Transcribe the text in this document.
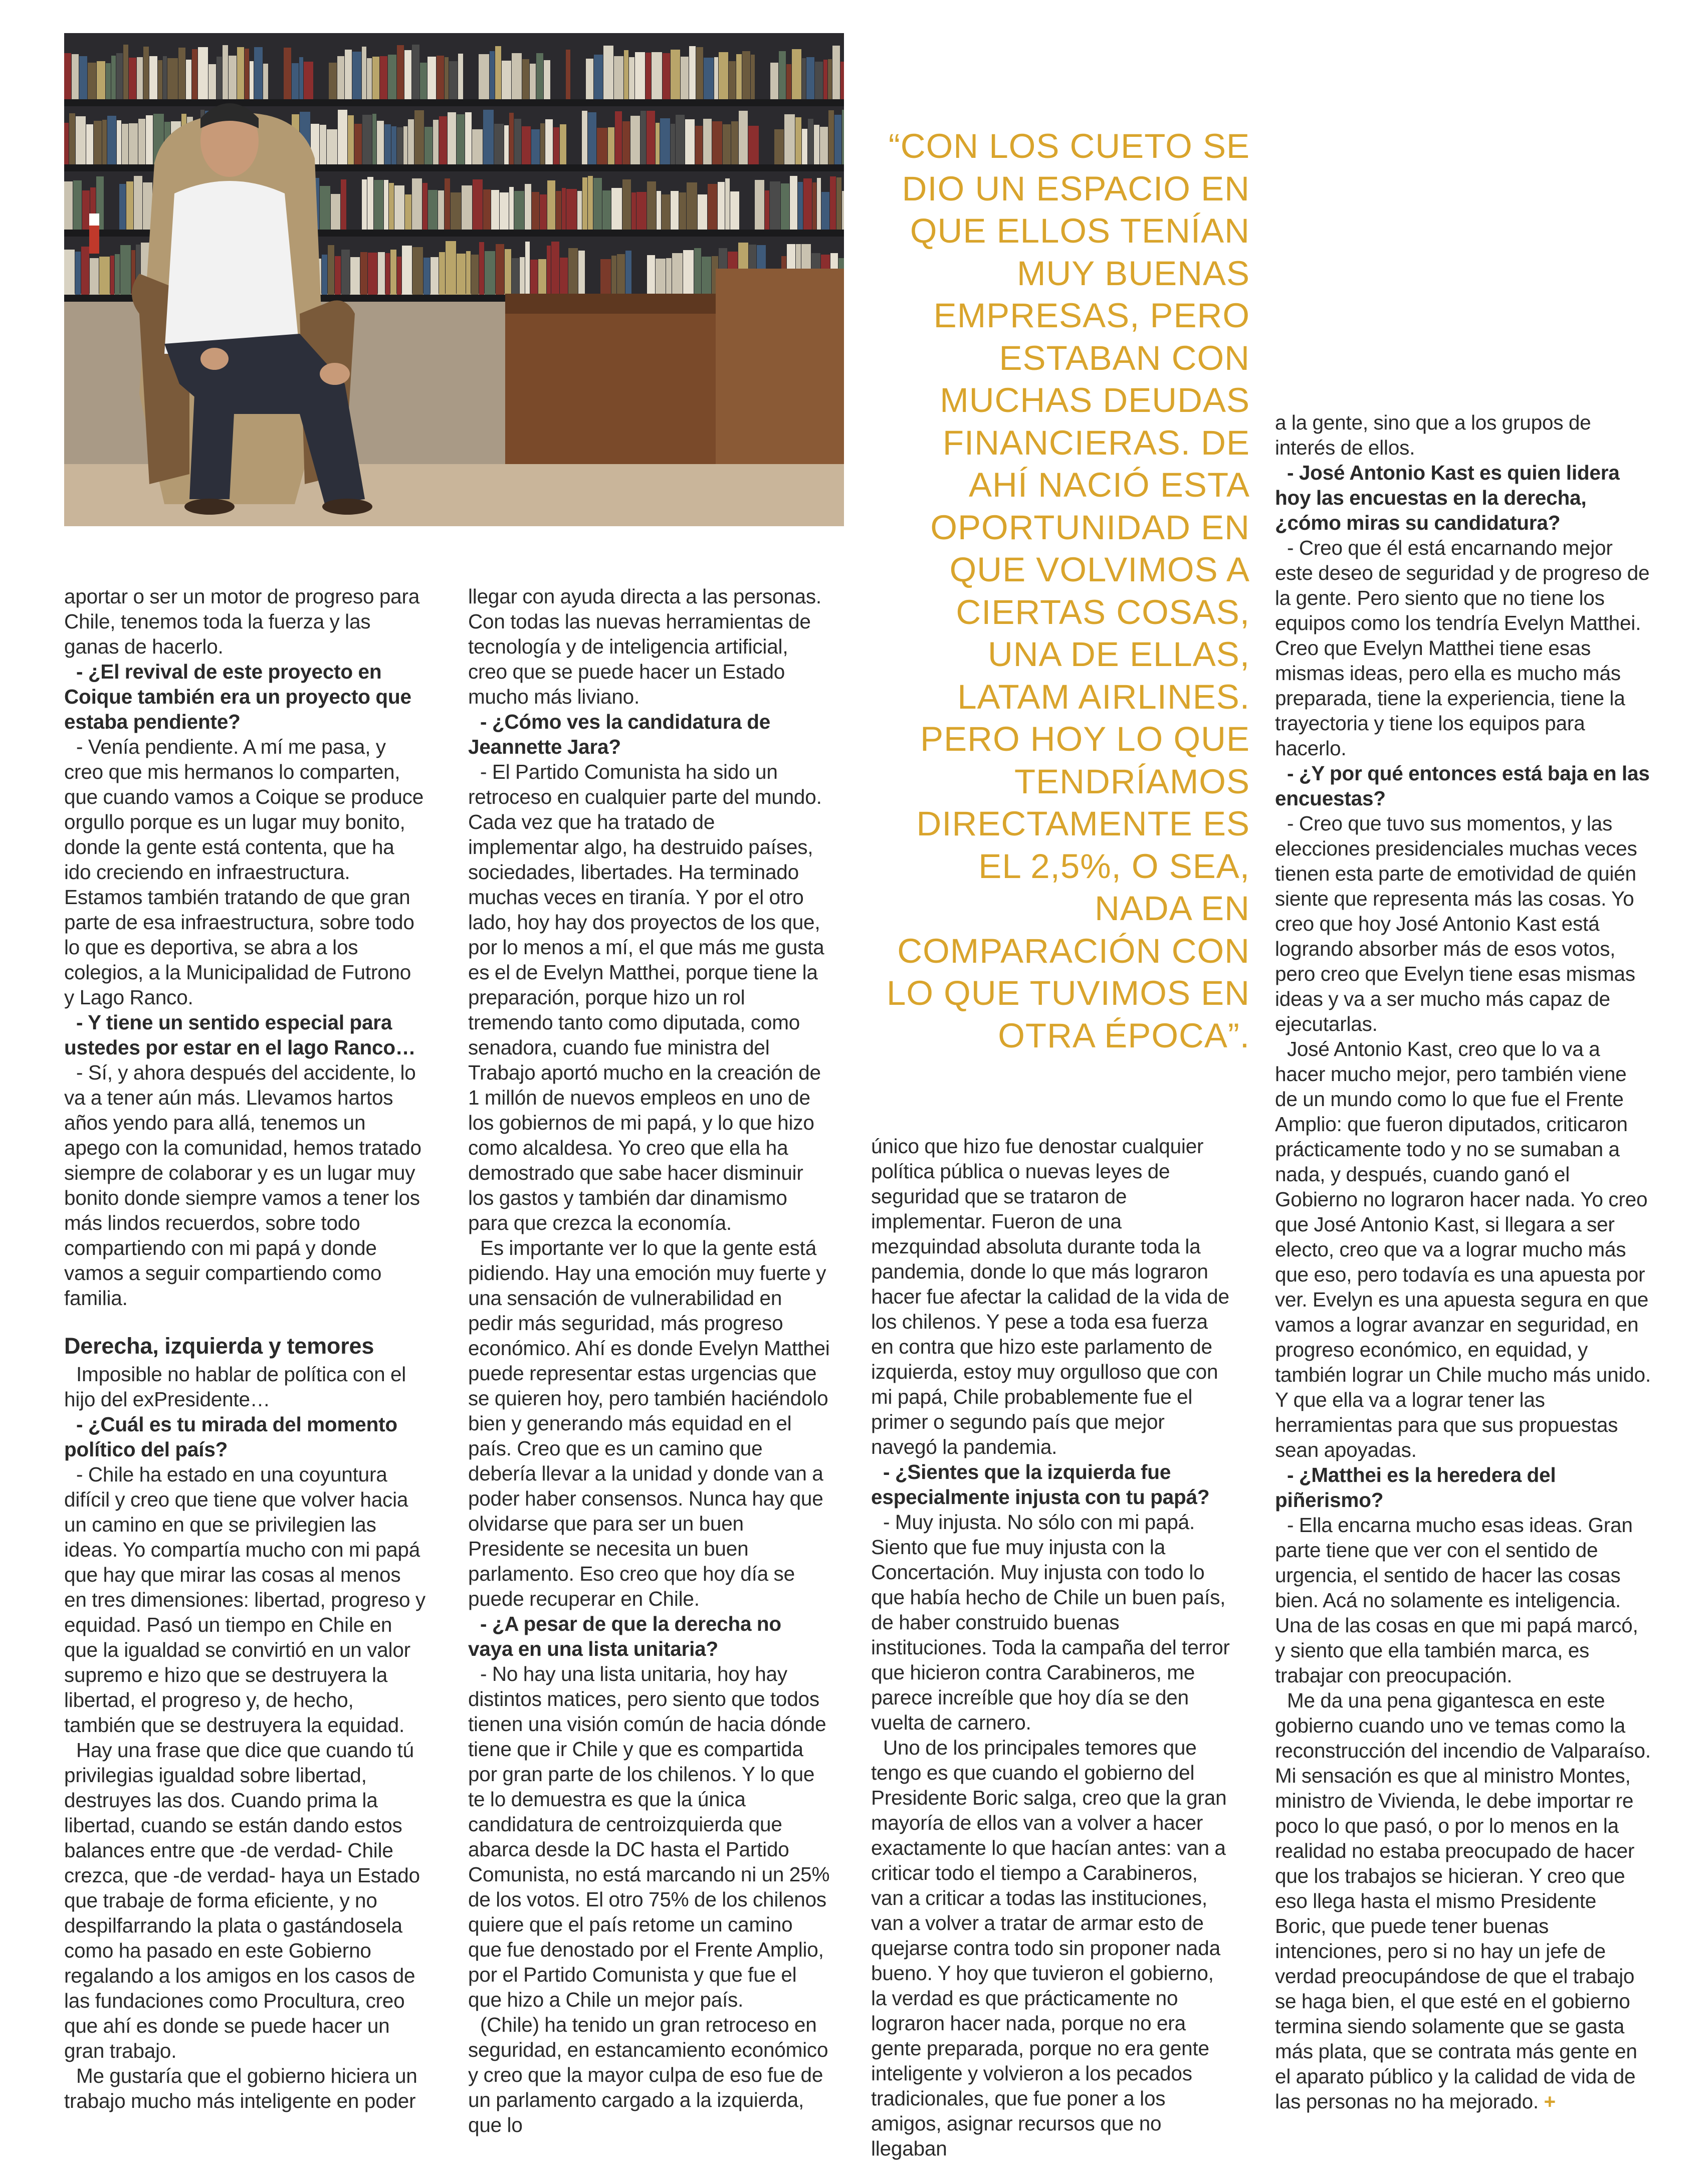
“CON LOS CUETO SE DIO UN ESPACIO EN QUE ELLOS TENÍAN MUY BUENAS EMPRESAS, PERO ESTABAN CON MUCHAS DEUDAS FINANCIERAS. DE AHÍ NACIÓ ESTA OPORTUNIDAD EN QUE VOLVIMOS A CIERTAS COSAS, UNA DE ELLAS, LATAM AIRLINES. PERO HOY LO QUE TENDRÍAMOS DIRECTAMENTE ES EL 2,5%, O SEA, NADA EN COMPARACIÓN CON LO QUE TUVIMOS EN OTRA ÉPOCA”.

aportar o ser un motor de progreso para Chile, tenemos toda la fuerza y las ganas de hacerlo.

- ¿El revival de este proyecto en Coique también era un proyecto que estaba pendiente?

- Venía pendiente. A mí me pasa, y creo que mis hermanos lo comparten, que cuando vamos a Coique se produce orgullo porque es un lugar muy bonito, donde la gente está contenta, que ha ido creciendo en infraestructura. Estamos también tratando de que gran parte de esa infraestructura, sobre todo lo que es deportiva, se abra a los colegios, a la Municipalidad de Futrono y Lago Ranco.

- Y tiene un sentido especial para ustedes por estar en el lago Ranco…

- Sí, y ahora después del accidente, lo va a tener aún más. Llevamos hartos años yendo para allá, tenemos un apego con la comunidad, hemos tratado siempre de colaborar y es un lugar muy bonito donde siempre vamos a tener los más lindos recuerdos, sobre todo compartiendo con mi papá y donde vamos a seguir compartiendo como familia.

Derecha, izquierda y temores

Imposible no hablar de política con el hijo del exPresidente…

- ¿Cuál es tu mirada del momento político del país?

- Chile ha estado en una coyuntura difícil y creo que tiene que volver hacia un camino en que se privilegien las ideas. Yo compartía mucho con mi papá que hay que mirar las cosas al menos en tres dimensiones: libertad, progreso y equidad. Pasó un tiempo en Chile en que la igualdad se convirtió en un valor supremo e hizo que se destruyera la libertad, el progreso y, de hecho, también que se destruyera la equidad.

Hay una frase que dice que cuando tú privilegias igualdad sobre libertad, destruyes las dos. Cuando prima la libertad, cuando se están dando estos balances entre que -de verdad- Chile crezca, que -de verdad- haya un Estado que trabaje de forma eficiente, y no despilfarrando la plata o gastándosela como ha pasado en este Gobierno regalando a los amigos en los casos de las fundaciones como Procultura, creo que ahí es donde se puede hacer un gran trabajo.

Me gustaría que el gobierno hiciera un trabajo mucho más inteligente en poder

llegar con ayuda directa a las personas. Con todas las nuevas herramientas de tecnología y de inteligencia artificial, creo que se puede hacer un Estado mucho más liviano.

- ¿Cómo ves la candidatura de Jeannette Jara?

- El Partido Comunista ha sido un retroceso en cualquier parte del mundo. Cada vez que ha tratado de implementar algo, ha destruido países, sociedades, libertades. Ha terminado muchas veces en tiranía. Y por el otro lado, hoy hay dos proyectos de los que, por lo menos a mí, el que más me gusta es el de Evelyn Matthei, porque tiene la preparación, porque hizo un rol tremendo tanto como diputada, como senadora, cuando fue ministra del Trabajo aportó mucho en la creación de 1 millón de nuevos empleos en uno de los gobiernos de mi papá, y lo que hizo como alcaldesa. Yo creo que ella ha demostrado que sabe hacer disminuir los gastos y también dar dinamismo para que crezca la economía.

Es importante ver lo que la gente está pidiendo. Hay una emoción muy fuerte y una sensación de vulnerabilidad en pedir más seguridad, más progreso económico. Ahí es donde Evelyn Matthei puede representar estas urgencias que se quieren hoy, pero también haciéndolo bien y generando más equidad en el país. Creo que es un camino que debería llevar a la unidad y donde van a poder haber consensos. Nunca hay que olvidarse que para ser un buen Presidente se necesita un buen parlamento. Eso creo que hoy día se puede recuperar en Chile.

- ¿A pesar de que la derecha no vaya en una lista unitaria?

- No hay una lista unitaria, hoy hay distintos matices, pero siento que todos tienen una visión común de hacia dónde tiene que ir Chile y que es compartida por gran parte de los chilenos. Y lo que te lo demuestra es que la única candidatura de centroizquierda que abarca desde la DC hasta el Partido Comunista, no está marcando ni un 25% de los votos. El otro 75% de los chilenos quiere que el país retome un camino que fue denostado por el Frente Amplio, por el Partido Comunista y que fue el que hizo a Chile un mejor país.

(Chile) ha tenido un gran retroceso en seguridad, en estancamiento económico y creo que la mayor culpa de eso fue de un parlamento cargado a la izquierda, que lo

único que hizo fue denostar cualquier política pública o nuevas leyes de seguridad que se trataron de implementar. Fueron de una mezquindad absoluta durante toda la pandemia, donde lo que más lograron hacer fue afectar la calidad de la vida de los chilenos. Y pese a toda esa fuerza en contra que hizo este parlamento de izquierda, estoy muy orgulloso que con mi papá, Chile probablemente fue el primer o segundo país que mejor navegó la pandemia.

- ¿Sientes que la izquierda fue especialmente injusta con tu papá?

- Muy injusta. No sólo con mi papá. Siento que fue muy injusta con la Concertación. Muy injusta con todo lo que había hecho de Chile un buen país, de haber construido buenas instituciones. Toda la campaña del terror que hicieron contra Carabineros, me parece increíble que hoy día se den vuelta de carnero.

Uno de los principales temores que tengo es que cuando el gobierno del Presidente Boric salga, creo que la gran mayoría de ellos van a volver a hacer exactamente lo que hacían antes: van a criticar todo el tiempo a Carabineros, van a criticar a todas las instituciones, van a volver a tratar de armar esto de quejarse contra todo sin proponer nada bueno. Y hoy que tuvieron el gobierno, la verdad es que prácticamente no lograron hacer nada, porque no era gente preparada, porque no era gente inteligente y volvieron a los pecados tradicionales, que fue poner a los amigos, asignar recursos que no llegaban

a la gente, sino que a los grupos de interés de ellos.

- José Antonio Kast es quien lidera hoy las encuestas en la derecha, ¿cómo miras su candidatura?

- Creo que él está encarnando mejor este deseo de seguridad y de progreso de la gente. Pero siento que no tiene los equipos como los tendría Evelyn Matthei. Creo que Evelyn Matthei tiene esas mismas ideas, pero ella es mucho más preparada, tiene la experiencia, tiene la trayectoria y tiene los equipos para hacerlo.

- ¿Y por qué entonces está baja en las encuestas?

- Creo que tuvo sus momentos, y las elecciones presidenciales muchas veces tienen esta parte de emotividad de quién siente que representa más las cosas. Yo creo que hoy José Antonio Kast está logrando absorber más de esos votos, pero creo que Evelyn tiene esas mismas ideas y va a ser mucho más capaz de ejecutarlas.

José Antonio Kast, creo que lo va a hacer mucho mejor, pero también viene de un mundo como lo que fue el Frente Amplio: que fueron diputados, criticaron prácticamente todo y no se sumaban a nada, y después, cuando ganó el Gobierno no lograron hacer nada. Yo creo que José Antonio Kast, si llegara a ser electo, creo que va a lograr mucho más que eso, pero todavía es una apuesta por ver. Evelyn es una apuesta segura en que vamos a lograr avanzar en seguridad, en progreso económico, en equidad, y también lograr un Chile mucho más unido. Y que ella va a lograr tener las herramientas para que sus propuestas sean apoyadas.

- ¿Matthei es la heredera del piñerismo?

- Ella encarna mucho esas ideas. Gran parte tiene que ver con el sentido de urgencia, el sentido de hacer las cosas bien. Acá no solamente es inteligencia. Una de las cosas en que mi papá marcó, y siento que ella también marca, es trabajar con preocupación.

Me da una pena gigantesca en este gobierno cuando uno ve temas como la reconstrucción del incendio de Valparaíso. Mi sensación es que al ministro Montes, ministro de Vivienda, le debe importar re poco lo que pasó, o por lo menos en la realidad no estaba preocupado de hacer que los trabajos se hicieran. Y creo que eso llega hasta el mismo Presidente Boric, que puede tener buenas intenciones, pero si no hay un jefe de verdad preocupándose de que el trabajo se haga bien, el que esté en el gobierno termina siendo solamente que se gasta más plata, que se contrata más gente en el aparato público y la calidad de vida de las personas no ha mejorado. +
